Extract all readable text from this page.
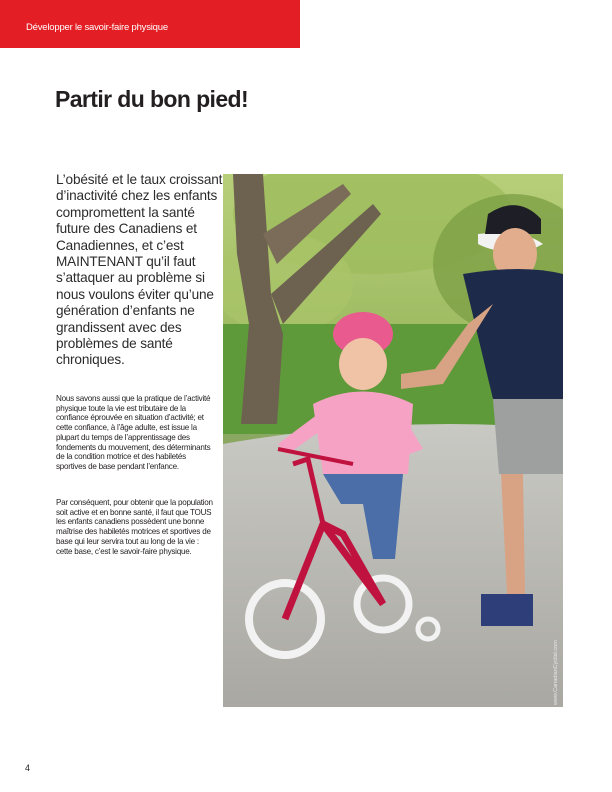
Développer le savoir-faire physique
Partir du bon pied!

L’obésité et le taux croissant d’inactivité chez les enfants compromettent la santé future des Canadiens et Canadiennes, et c’est MAINTENANT qu’il faut s’attaquer au problème si nous voulons éviter qu’une génération d’enfants ne grandissent avec des problèmes de santé chroniques.

Nous savons aussi que la pratique de l’activité physique toute la vie est tributaire de la confiance éprouvée en situation d’activité; et cette confiance, à l’âge adulte, est issue la plupart du temps de l’apprentissage des fondements du mouvement, des déterminants de la condition motrice et des habiletés sportives de base pendant l’enfance.

Par conséquent, pour obtenir que la population soit active et en bonne santé, il faut que TOUS les enfants canadiens possèdent une bonne maîtrise des habiletés motrices et sportives de base qui leur servira tout au long de la vie : cette base, c’est le savoir-faire physique.

www.CanadianCyclist.com
4
